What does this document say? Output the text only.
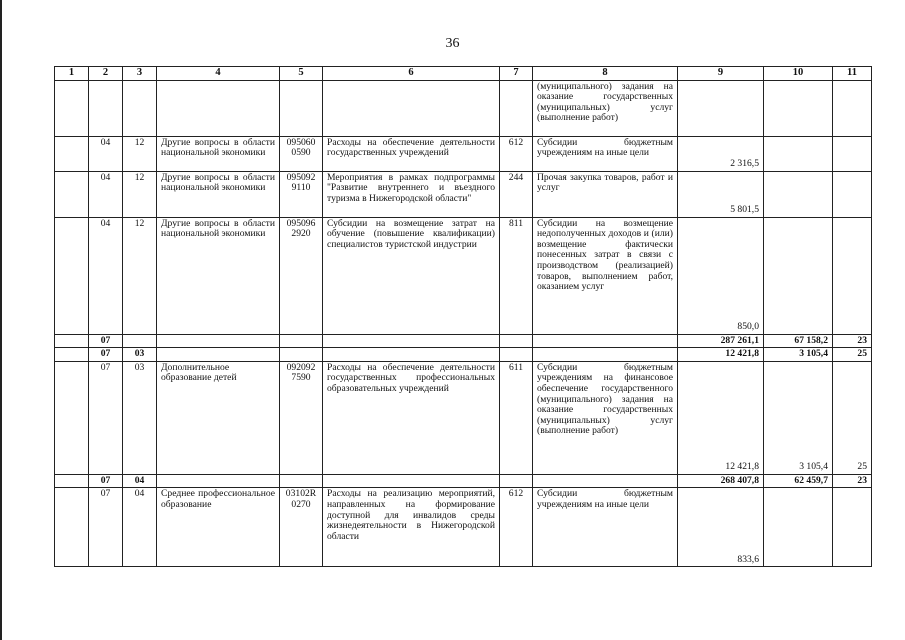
36
1	2	3	4	5	6	7	8	9	10	11
							(муниципального) задания на оказание государственных (муниципальных) услуг (выполнение работ)			
	04	12	Другие вопросы в области национальной экономики	095060 0590	Расходы на обеспечение деятельности государственных учреждений	612	Субсидии бюджетным учреждениям на иные цели	2 316,5		
	04	12	Другие вопросы в области национальной экономики	095092 9110	Мероприятия в рамках подпрограммы "Развитие внутреннего и въездного туризма в Нижегородской области"	244	Прочая закупка товаров, работ и услуг	5 801,5		
	04	12	Другие вопросы в области национальной экономики	095096 2920	Субсидии на возмещение затрат на обучение (повышение квалификации) специалистов туристской индустрии	811	Субсидии на возмещение недополученных доходов и (или) возмещение фактически понесенных затрат в связи с производством (реализацией) товаров, выполнением работ, оказанием услуг	850,0		
	07							287 261,1	67 158,2	23
	07	03						12 421,8	3 105,4	25
	07	03	Дополнительное образование детей	092092 7590	Расходы на обеспечение деятельности государственных профессиональных образовательных учреждений	611	Субсидии бюджетным учреждениям на финансовое обеспечение государственного (муниципального) задания на оказание государственных (муниципальных) услуг (выполнение работ)	12 421,8	3 105,4	25
	07	04						268 407,8	62 459,7	23
	07	04	Среднее профессиональное образование	03102R 0270	Расходы на реализацию мероприятий, направленных на формирование доступной для инвалидов среды жизнедеятельности в Нижегородской области	612	Субсидии бюджетным учреждениям на иные цели	833,6		
